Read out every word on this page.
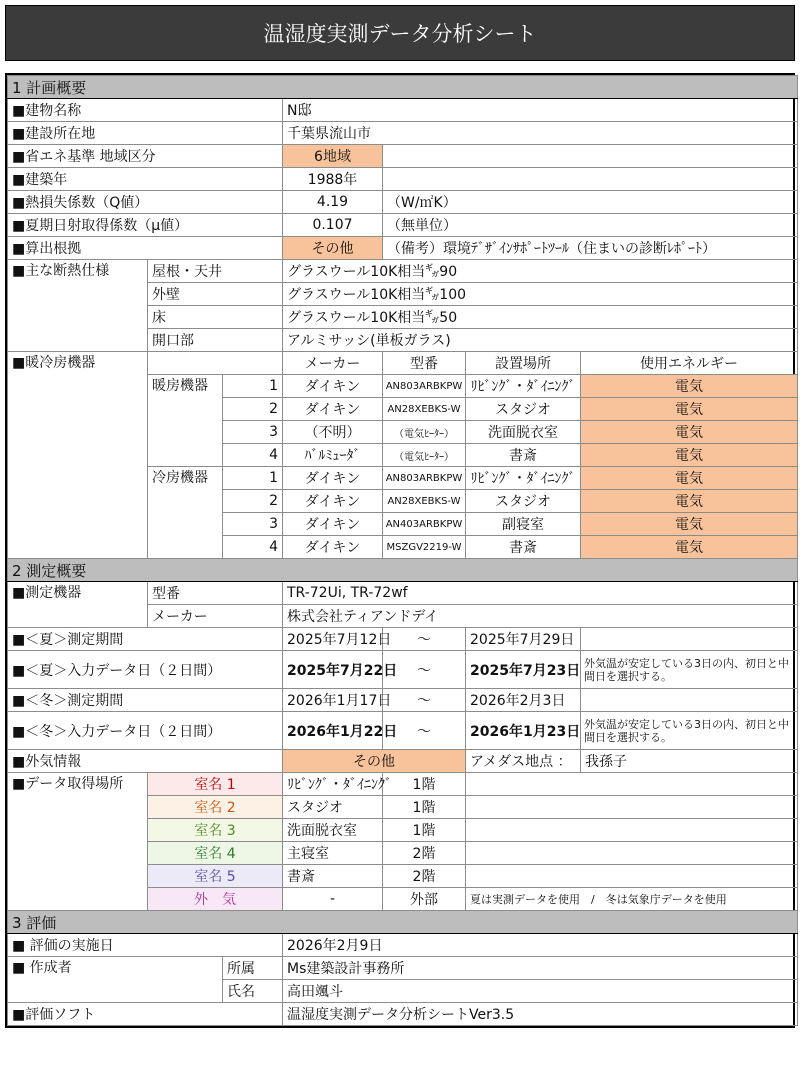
温湿度実測データ分析シート
1 計画概要						
■建物名称			N邸			
■建設所在地			千葉県流山市			
■省エネ基準 地域区分			6地域			
■建築年			1988年			
■熱損失係数（Q値）			4.19	（W/㎡K）		
■夏期日射取得係数（μ値）			0.107	（無単位）		
■算出根拠			その他	（備考）環境ﾃﾞｻﾞｲﾝｻﾎﾟｰﾄﾂｰﾙ（住まいの診断ﾚﾎﾟｰﾄ）		
■主な断熱仕様	屋根・天井		グラスウール10K相当㌐90			
	外壁		グラスウール10K相当㌐100			
	床		グラスウール10K相当㌐50			
	開口部		アルミサッシ(単板ガラス)			
■暖冷房機器			メーカー	型番	設置場所	使用エネルギー
	暖房機器	1	ダイキン	AN803ARBKPW	ﾘﾋﾞﾝｸﾞ・ﾀﾞｲﾆﾝｸﾞ	電気
		2	ダイキン	AN28XEBKS-W	スタジオ	電気
		3	（不明）	（電気ﾋｰﾀｰ）	洗面脱衣室	電気
		4	ﾊﾞﾙﾐｭｰﾀﾞ	（電気ﾋｰﾀｰ）	書斎	電気
	冷房機器	1	ダイキン	AN803ARBKPW	ﾘﾋﾞﾝｸﾞ・ﾀﾞｲﾆﾝｸﾞ	電気
		2	ダイキン	AN28XEBKS-W	スタジオ	電気
		3	ダイキン	AN403ARBKPW	副寝室	電気
		4	ダイキン	MSZGV2219-W	書斎	電気
2 測定概要						
■測定機器	型番		TR-72Ui, TR-72wf			
	メーカー		株式会社ティアンドデイ			
■＜夏＞測定期間			2025年7月12日	～	2025年7月29日	
■＜夏＞入力データ日（２日間）			2025年7月22日	～	2025年7月23日	外気温が安定している3日の内、初日と中間日を選択する。
■＜冬＞測定期間			2026年1月17日	～	2026年2月3日	
■＜冬＞入力データ日（２日間）			2026年1月22日	～	2026年1月23日	外気温が安定している3日の内、初日と中間日を選択する。
■外気情報			その他		アメダス地点 ：	我孫子
■データ取得場所	室名 1		ﾘﾋﾞﾝｸﾞ・ﾀﾞｲﾆﾝｸﾞ	1階		
	室名 2		スタジオ	1階		
	室名 3		洗面脱衣室	1階		
	室名 4		主寝室	2階		
	室名 5		書斎	2階		
	外　気		-	外部	夏は実測データを使用　/　冬は気象庁データを使用	
3 評価						
■ 評価の実施日			2026年2月9日			
■ 作成者		所属	Ms建築設計事務所			
		氏名	高田颯斗			
■評価ソフト			温湿度実測データ分析シートVer3.5			
